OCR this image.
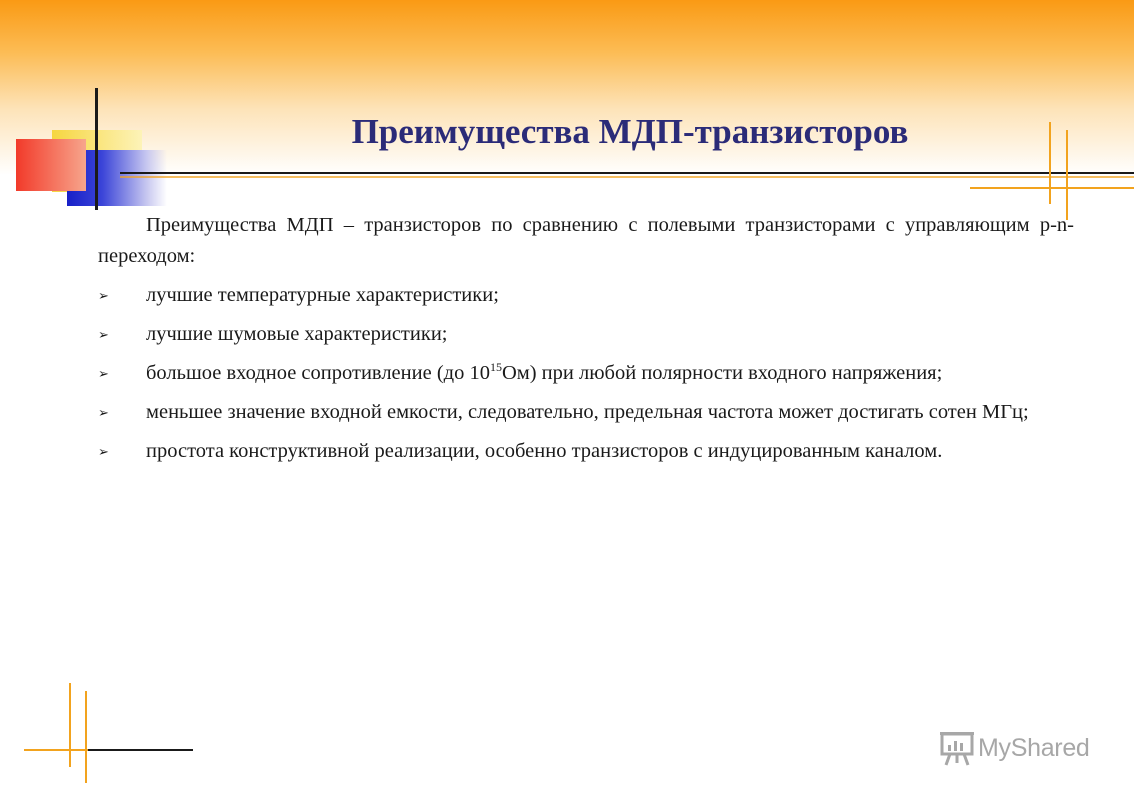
Преимущества МДП-транзисторов

Преимущества МДП – транзисторов по сравнению с полевыми транзисторами с управляющим p-n-переходом:

➢ лучшие температурные характеристики;

➢ лучшие шумовые характеристики;

➢ большое входное сопротивление (до $10^{15}Ом$) при любой полярности входного напряжения;

➢ меньшее значение входной емкости, следовательно, предельная частота может достигать сотен МГц;

➢ простота конструктивной реализации, особенно транзисторов с индуцированным каналом.

MyShared
